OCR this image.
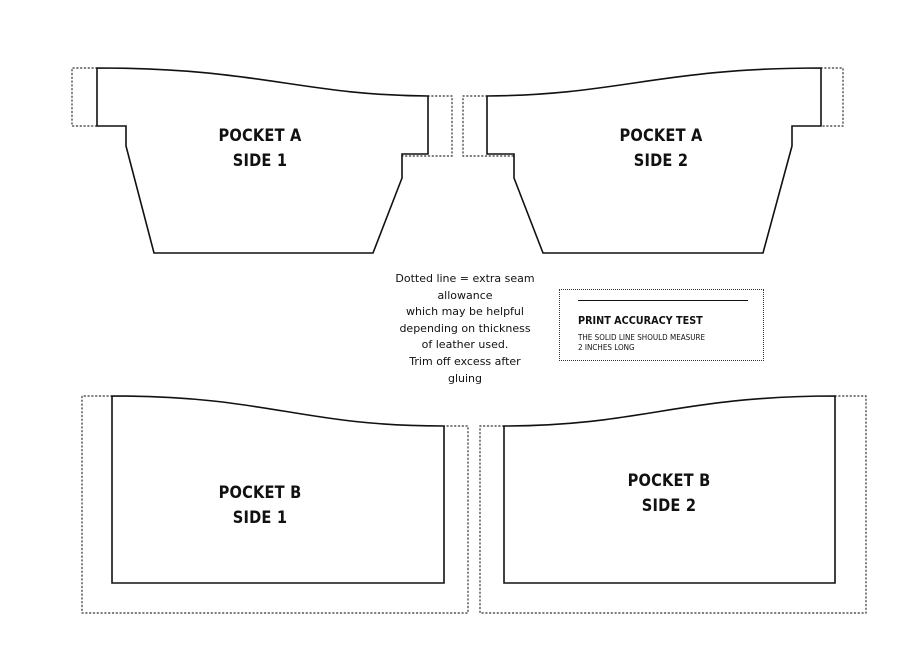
POCKET A
SIDE 1
POCKET A
SIDE 2
POCKET B
SIDE 1
POCKET B
SIDE 2
Dotted line = extra seam
allowance
which may be helpful
depending on thickness
of leather used.
Trim off excess after
gluing
PRINT ACCURACY TEST
THE SOLID LINE SHOULD MEASURE
2 INCHES LONG
